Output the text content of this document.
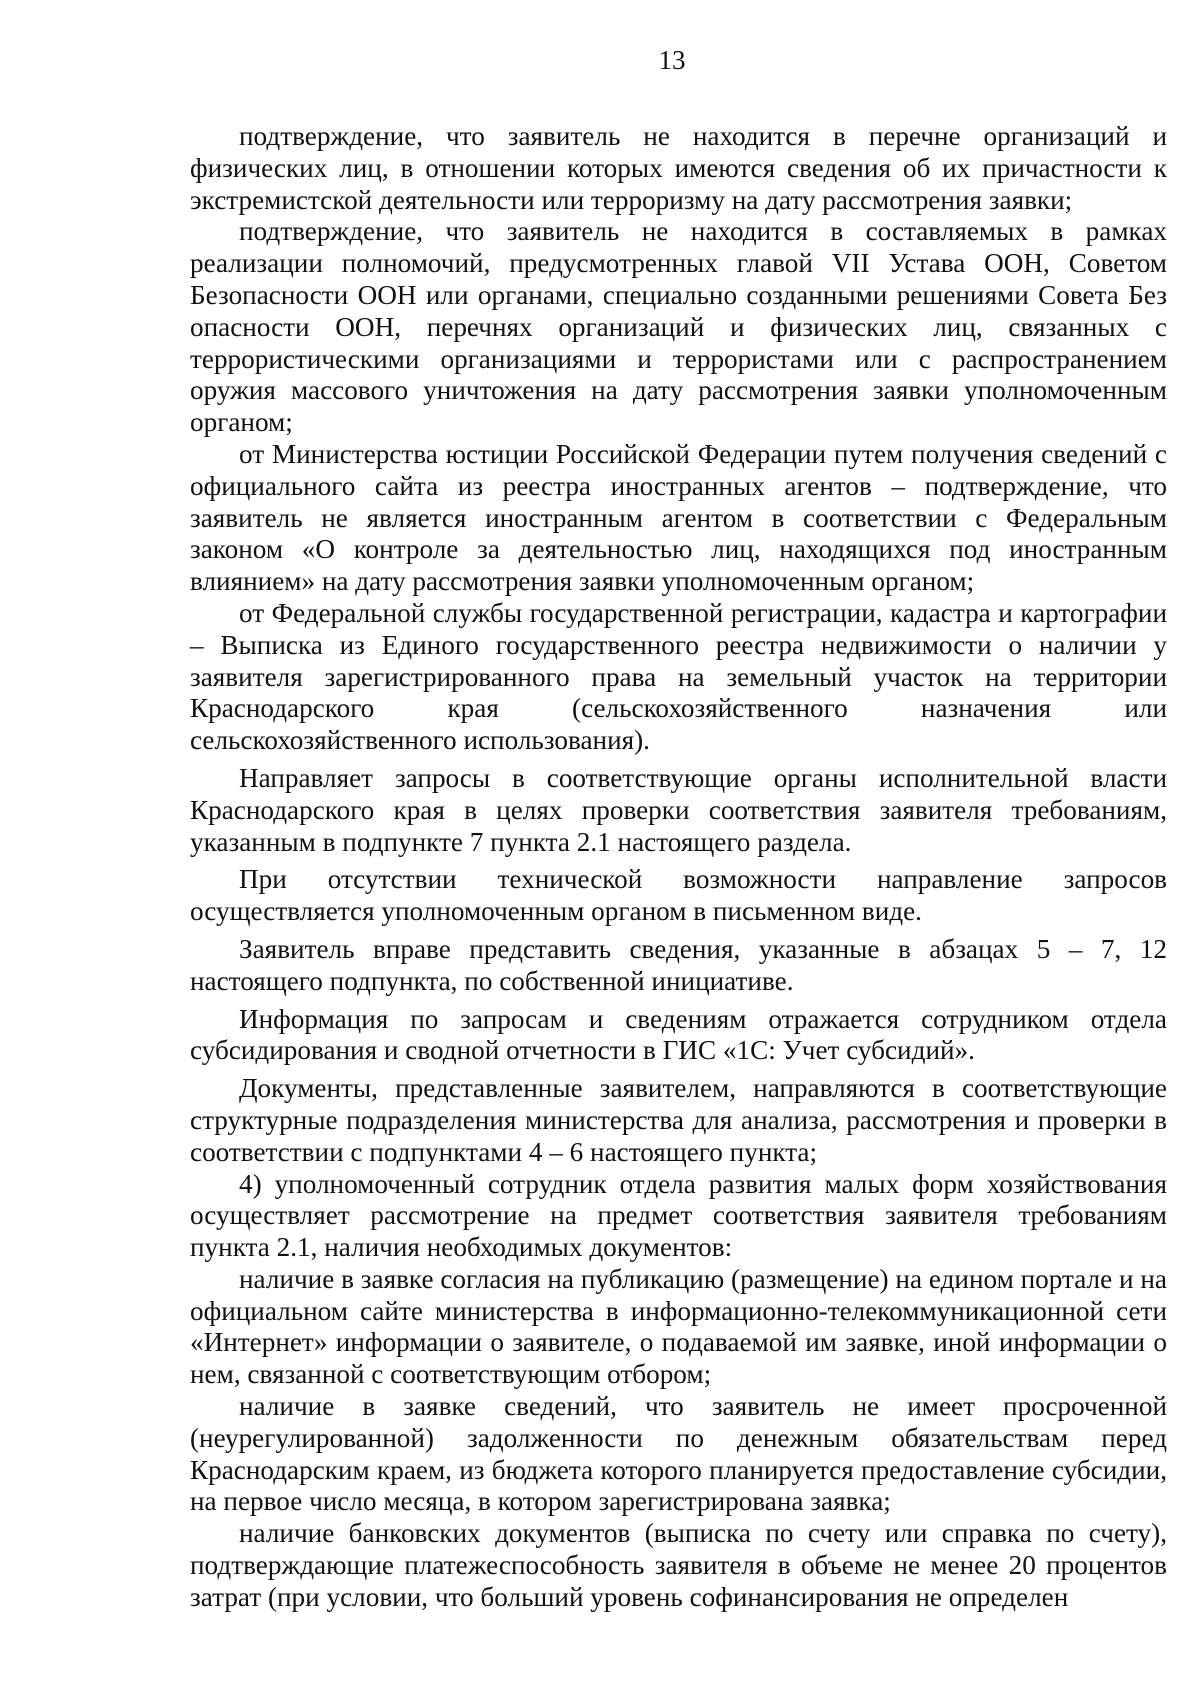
13

подтверждение, что заявитель не находится в перечне организаций и физических лиц, в отношении которых имеются сведения об их причастности к экстремистской деятельности или терроризму на дату рассмотрения заявки;

подтверждение, что заявитель не находится в составляемых в рамках реализации полномочий, предусмотренных главой VII Устава ООН, Советом Безопасности ООН или органами, специально созданными решениями Совета Без опасности ООН, перечнях организаций и физических лиц, связанных с террористическими организациями и террористами или с распространением оружия массового уничтожения на дату рассмотрения заявки уполномоченным органом;

от Министерства юстиции Российской Федерации путем получения сведений с официального сайта из реестра иностранных агентов – подтверждение, что заявитель не является иностранным агентом в соответствии с Федеральным законом «О контроле за деятельностью лиц, находящихся под иностранным влиянием» на дату рассмотрения заявки уполномоченным органом;

от Федеральной службы государственной регистрации, кадастра и картографии – Выписка из Единого государственного реестра недвижимости о наличии у заявителя зарегистрированного права на земельный участок на территории Краснодарского края (сельскохозяйственного назначения или сельскохозяйственного использования).

Направляет запросы в соответствующие органы исполнительной власти Краснодарского края в целях проверки соответствия заявителя требованиям, указанным в подпункте 7 пункта 2.1 настоящего раздела.

При отсутствии технической возможности направление запросов осуществляется уполномоченным органом в письменном виде.

Заявитель вправе представить сведения, указанные в абзацах 5 – 7, 12 настоящего подпункта, по собственной инициативе.

Информация по запросам и сведениям отражается сотрудником отдела субсидирования и сводной отчетности в ГИС «1С: Учет субсидий».

Документы, представленные заявителем, направляются в соответствующие структурные подразделения министерства для анализа, рассмотрения и проверки в соответствии с подпунктами 4 – 6 настоящего пункта;

4) уполномоченный сотрудник отдела развития малых форм хозяйствования осуществляет рассмотрение на предмет соответствия заявителя требованиям пункта 2.1, наличия необходимых документов:

наличие в заявке согласия на публикацию (размещение) на едином портале и на официальном сайте министерства в информационно-телекоммуникационной сети «Интернет» информации о заявителе, о подаваемой им заявке, иной информации о нем, связанной с соответствующим отбором;

наличие в заявке сведений, что заявитель не имеет просроченной (неурегулированной) задолженности по денежным обязательствам перед Краснодарским краем, из бюджета которого планируется предоставление субсидии, на первое число месяца, в котором зарегистрирована заявка;

наличие банковских документов (выписка по счету или справка по счету), подтверждающие платежеспособность заявителя в объеме не менее 20 процентов затрат (при условии, что больший уровень софинансирования не определен
